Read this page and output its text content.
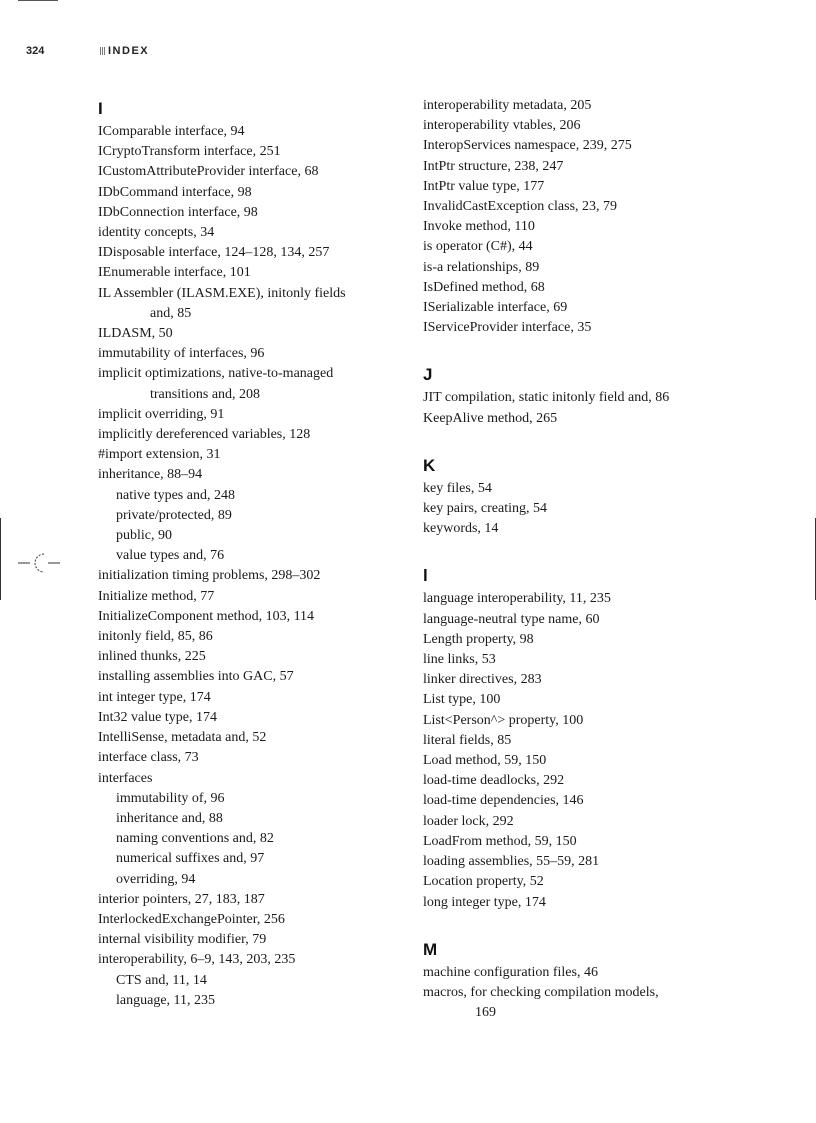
324	INDEX
I
IComparable interface, 94
ICryptoTransform interface, 251
ICustomAttributeProvider interface, 68
IDbCommand interface, 98
IDbConnection interface, 98
identity concepts, 34
IDisposable interface, 124–128, 134, 257
IEnumerable interface, 101
IL Assembler (ILASM.EXE), initonly fields
and, 85
ILDASM, 50
immutability of interfaces, 96
implicit optimizations, native-to-managed
transitions and, 208
implicit overriding, 91
implicitly dereferenced variables, 128
#import extension, 31
inheritance, 88–94
native types and, 248
private/protected, 89
public, 90
value types and, 76
initialization timing problems, 298–302
Initialize method, 77
InitializeComponent method, 103, 114
initonly field, 85, 86
inlined thunks, 225
installing assemblies into GAC, 57
int integer type, 174
Int32 value type, 174
IntelliSense, metadata and, 52
interface class, 73
interfaces
immutability of, 96
inheritance and, 88
naming conventions and, 82
numerical suffixes and, 97
overriding, 94
interior pointers, 27, 183, 187
InterlockedExchangePointer, 256
internal visibility modifier, 79
interoperability, 6–9, 143, 203, 235
CTS and, 11, 14
language, 11, 235
interoperability metadata, 205
interoperability vtables, 206
InteropServices namespace, 239, 275
IntPtr structure, 238, 247
IntPtr value type, 177
InvalidCastException class, 23, 79
Invoke method, 110
is operator (C#), 44
is-a relationships, 89
IsDefined method, 68
ISerializable interface, 69
IServiceProvider interface, 35
J
JIT compilation, static initonly field and, 86
KeepAlive method, 265
K
key files, 54
key pairs, creating, 54
keywords, 14
l
language interoperability, 11, 235
language-neutral type name, 60
Length property, 98
line links, 53
linker directives, 283
List type, 100
List<Person^> property, 100
literal fields, 85
Load method, 59, 150
load-time deadlocks, 292
load-time dependencies, 146
loader lock, 292
LoadFrom method, 59, 150
loading assemblies, 55–59, 281
Location property, 52
long integer type, 174
M
machine configuration files, 46
macros, for checking compilation models,
169
